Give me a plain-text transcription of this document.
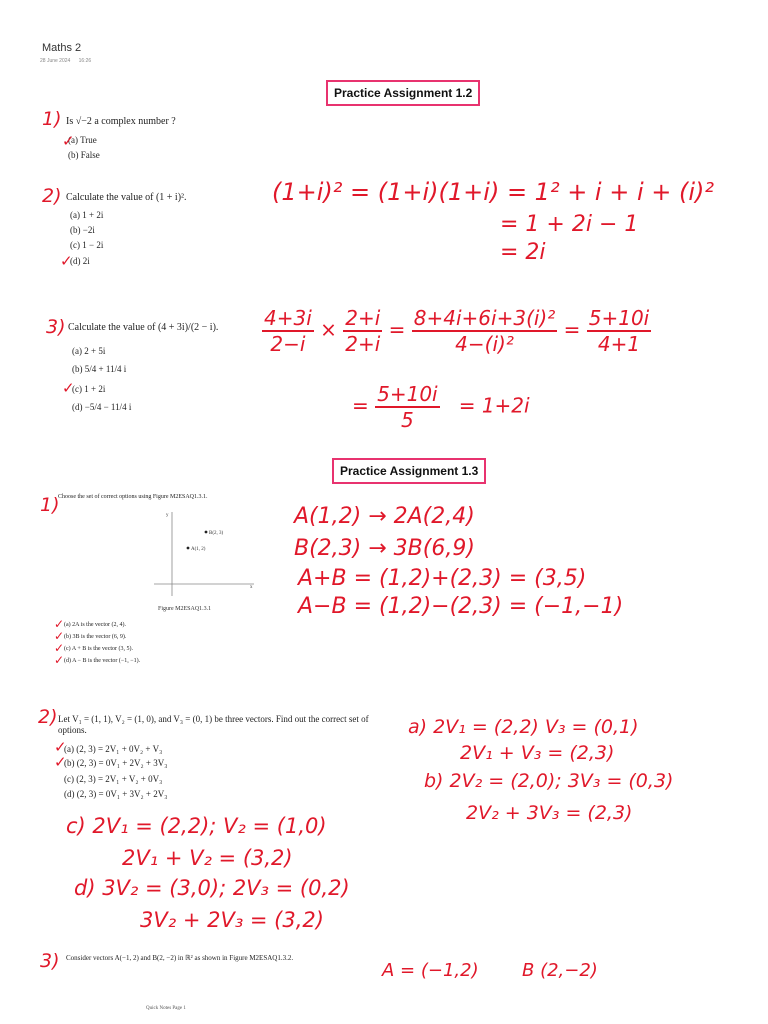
Maths 2
28 June 2024 16:26
Practice Assignment 1.2
1) Is √−2 a complex number ?
(a) True
(b) False
✓
2) Calculate the value of (1 + i)².
(a) 1 + 2i
(b) −2i
(c) 1 − 2i
(d) 2i
✓
(1+i)² = (1+i)(1+i) = 1² + i + i + (i)²
= 1 + 2i − 1
= 2i
3) Calculate the value of (4 + 3i)/(2 − i).
(a) 2 + 5i
(b) 5/4 + 11/4 i
(c) 1 + 2i
(d) −5/4 − 11/4 i
✓
$\frac{4+3i}{2-i} \times \frac{2+i}{2+i} = \frac{\text{8+4i+6i+3(i)²}}{\text{4−(i)²}} = \frac{5+10i}{4+1}$
= $\frac{5+10i}{5} = 1+2i$
Practice Assignment 1.3
1)
Choose the set of correct options using Figure M2ESAQ1.3.1.
y
x
A(1, 2)
B(2, 3)
Figure M2ESAQ1.3.1
(a) 2A is the vector (2, 4).
(b) 3B is the vector (6, 9).
(c) A + B is the vector (3, 5).
(d) A − B is the vector (−1, −1).
✓
✓
✓
✓
A(1,2) → 2A(2,4)
B(2,3) → 3B(6,9)
A+B = (1,2)+(2,3) = (3,5)
A−B = (1,2)−(2,3) = (−1,−1)
2) Let V₁ = (1, 1), V₂ = (1, 0), and V₃ = (0, 1) be three vectors. Find out the correct set of options.
(a) (2, 3) = 2V₁ + 0V₂ + V₃
(b) (2, 3) = 0V₁ + 2V₂ + 3V₃
(c) (2, 3) = 2V₁ + V₂ + 0V₃
(d) (2, 3) = 0V₁ + 3V₂ + 2V₃
✓
✓
a) 2V₁ = (2,2) V₃ = (0,1)
2V₁ + V₃ = (2,3)
b) 2V₂ = (2,0); 3V₃ = (0,3)
2V₂ + 3V₃ = (2,3)
c) 2V₁ = (2,2); V₂ = (1,0)
2V₁ + V₂ = (3,2)
d) 3V₂ = (3,0); 2V₃ = (0,2)
3V₂ + 2V₃ = (3,2)
3) Consider vectors A(−1, 2) and B(2, −2) in ℝ² as shown in Figure M2ESAQ1.3.2.
A = (−1,2) B (2,−2)
Quick Notes Page 1
